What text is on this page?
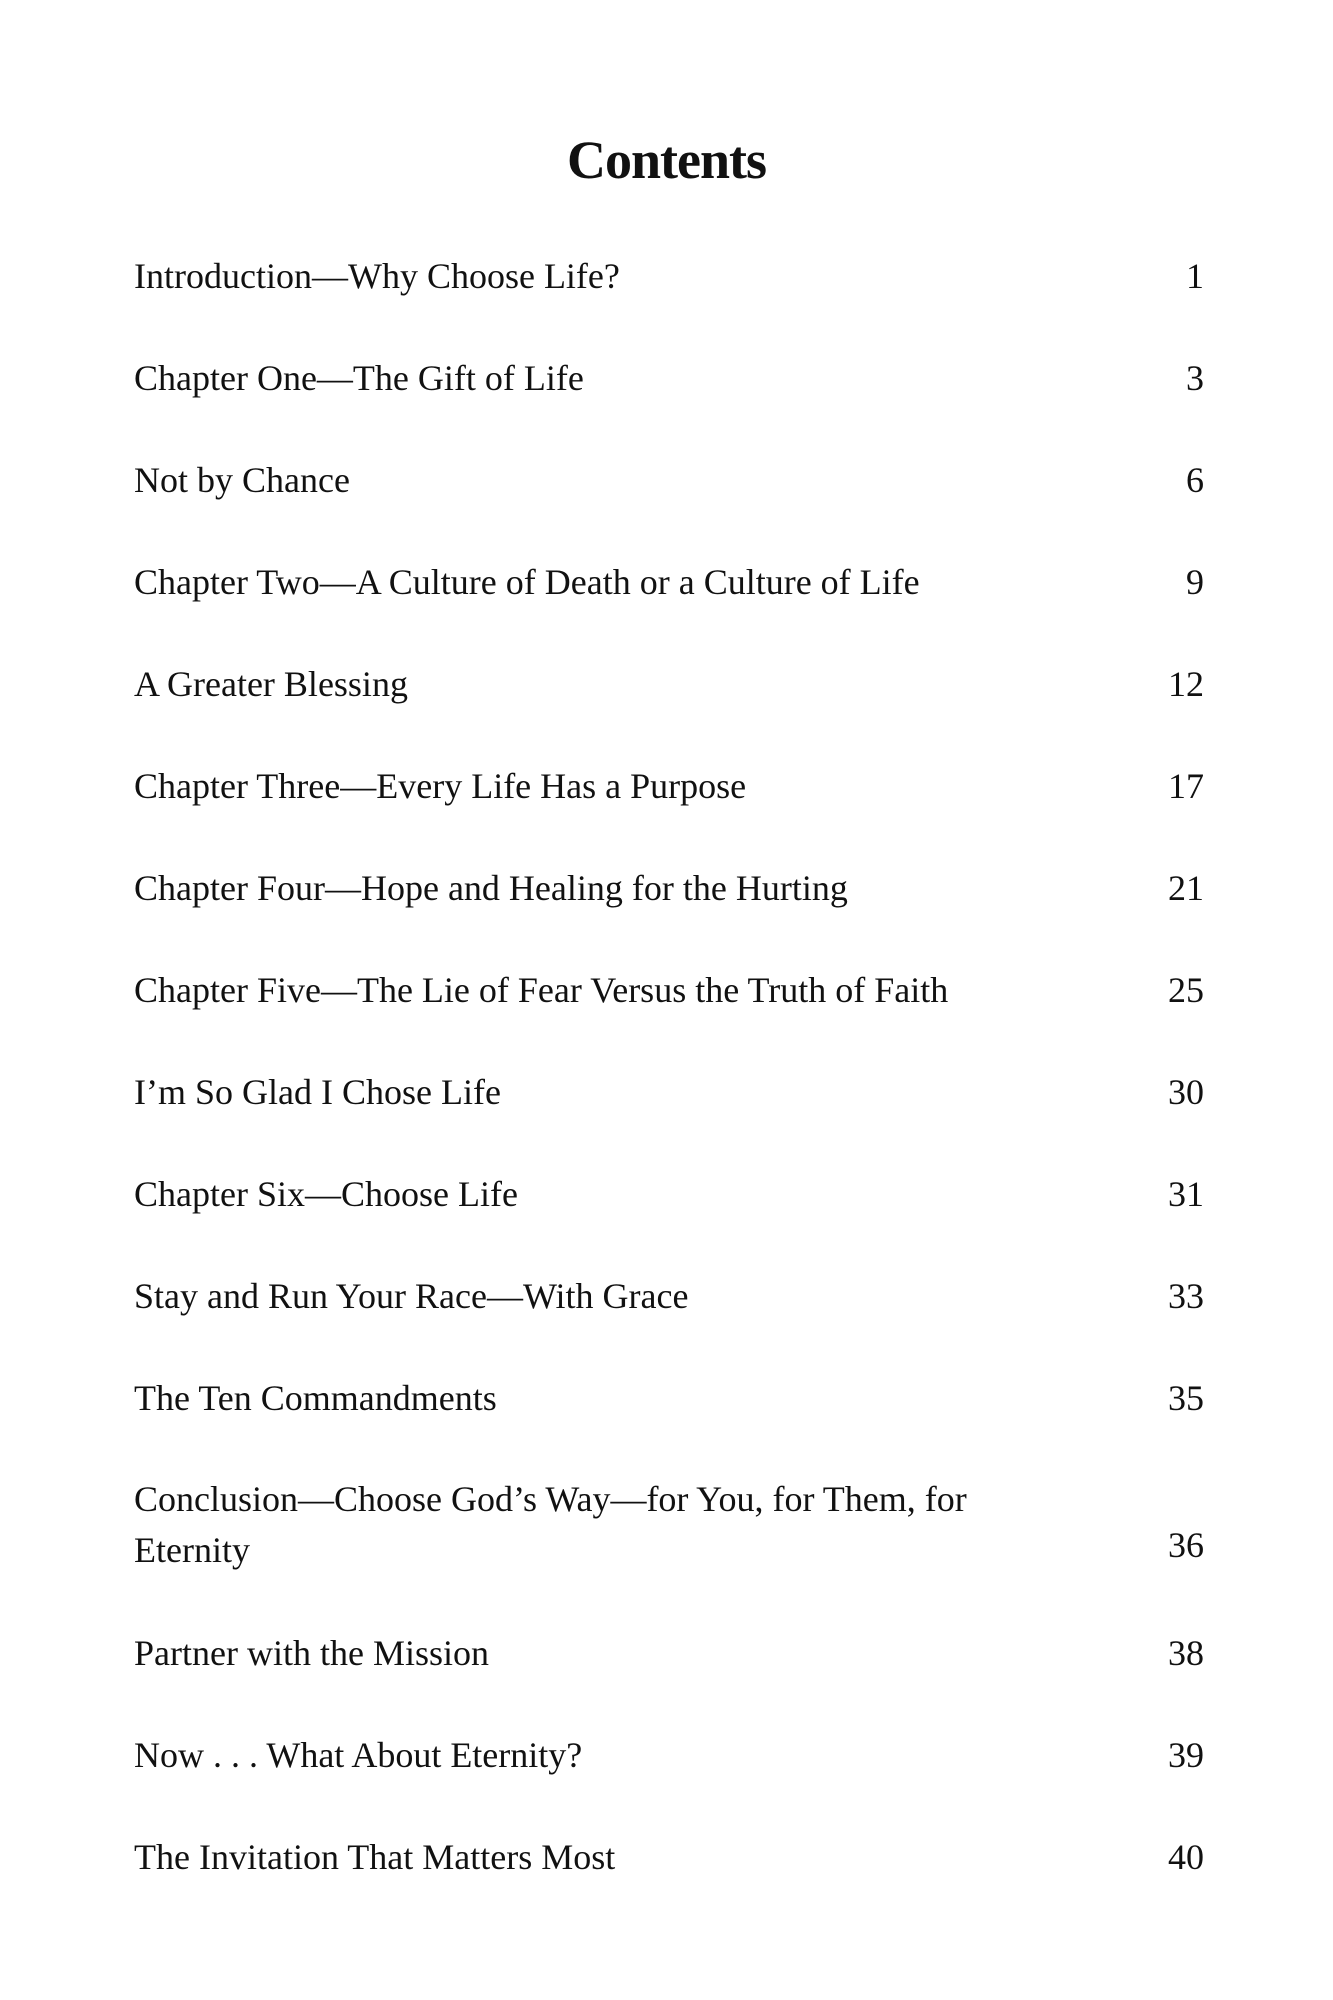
Contents
Introduction—Why Choose Life?	1
Chapter One—The Gift of Life	3
Not by Chance	6
Chapter Two—A Culture of Death or a Culture of Life	9
A Greater Blessing	12
Chapter Three—Every Life Has a Purpose	17
Chapter Four—Hope and Healing for the Hurting	21
Chapter Five—The Lie of Fear Versus the Truth of Faith	25
I’m So Glad I Chose Life	30
Chapter Six—Choose Life	31
Stay and Run Your Race—With Grace	33
The Ten Commandments	35
Conclusion—Choose God’s Way—for You, for Them, for Eternity	36
Partner with the Mission	38
Now . . . What About Eternity?	39
The Invitation That Matters Most	40
